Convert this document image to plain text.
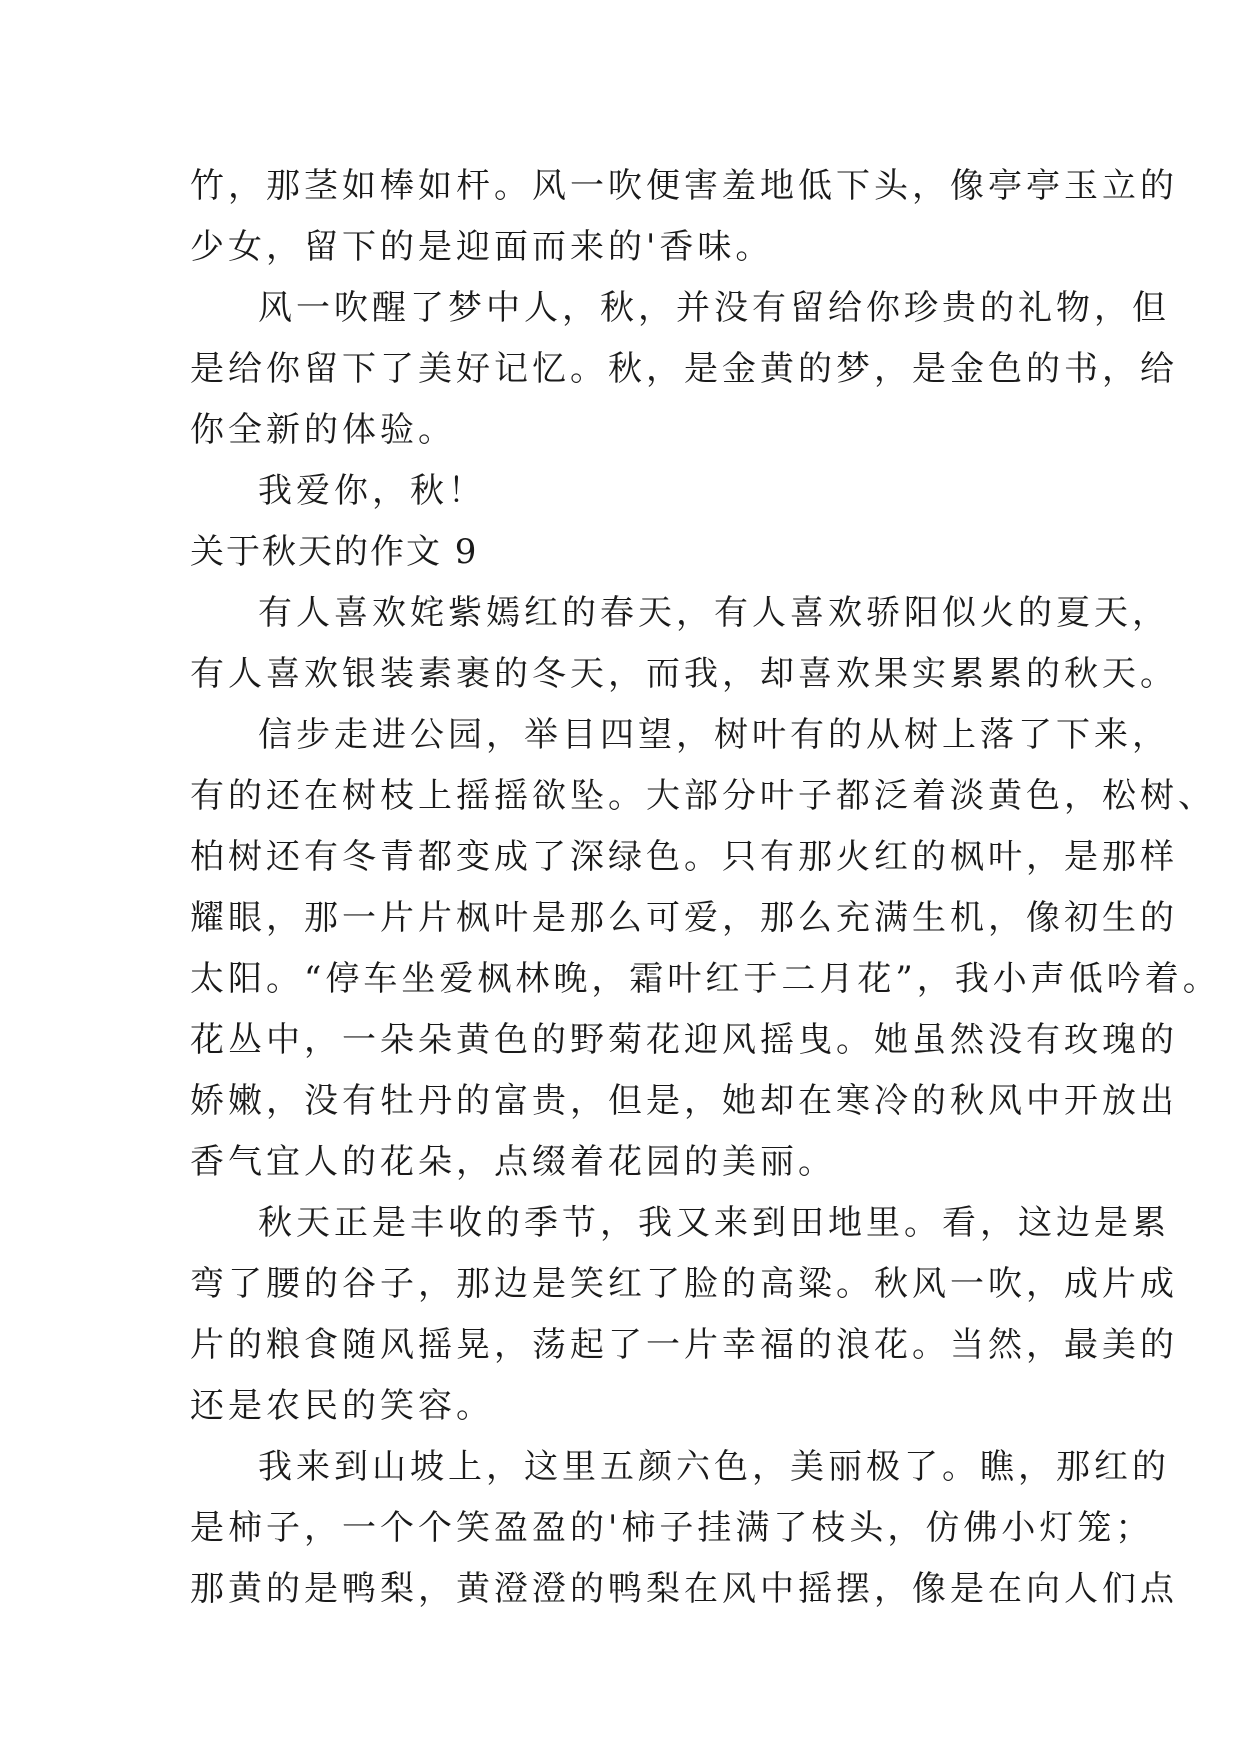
竹，那茎如棒如杆。风一吹便害羞地低下头，像亭亭玉立的
少女，留下的是迎面而来的'香味。
风一吹醒了梦中人，秋，并没有留给你珍贵的礼物，但
是给你留下了美好记忆。秋，是金黄的梦，是金色的书，给
你全新的体验。
我爱你，秋！
关于秋天的作文 9
有人喜欢姹紫嫣红的春天，有人喜欢骄阳似火的夏天，
有人喜欢银装素裹的冬天，而我，却喜欢果实累累的秋天。
信步走进公园，举目四望，树叶有的从树上落了下来，
有的还在树枝上摇摇欲坠。大部分叶子都泛着淡黄色，松树、
柏树还有冬青都变成了深绿色。只有那火红的枫叶，是那样
耀眼，那一片片枫叶是那么可爱，那么充满生机，像初生的
太阳。“停车坐爱枫林晚，霜叶红于二月花”，我小声低吟着。
花丛中，一朵朵黄色的野菊花迎风摇曳。她虽然没有玫瑰的
娇嫩，没有牡丹的富贵，但是，她却在寒冷的秋风中开放出
香气宜人的花朵，点缀着花园的美丽。
秋天正是丰收的季节，我又来到田地里。看，这边是累
弯了腰的谷子，那边是笑红了脸的高粱。秋风一吹，成片成
片的粮食随风摇晃，荡起了一片幸福的浪花。当然，最美的
还是农民的笑容。
我来到山坡上，这里五颜六色，美丽极了。瞧，那红的
是柿子，一个个笑盈盈的'柿子挂满了枝头，仿佛小灯笼；
那黄的是鸭梨，黄澄澄的鸭梨在风中摇摆，像是在向人们点
